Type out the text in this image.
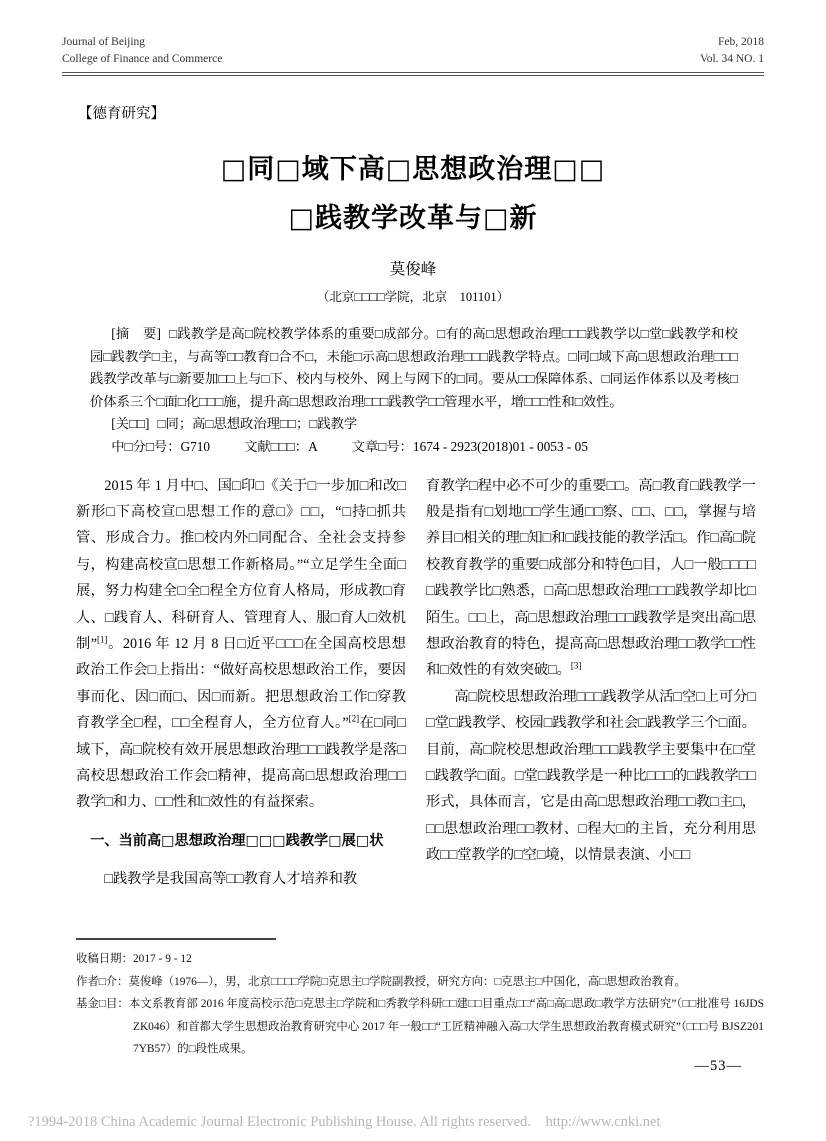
Journal of Beijing
College of Finance and Commerce
Feb, 2018
Vol. 34 NO. 1
【德育研究】
□同□域下高□思想政治理□□
□践教学改革与□新
莫俊峰
（北京□□□□学院，北京　101101）

[摘　要] □践教学是高□院校教学体系的重要□成部分。□有的高□思想政治理□□□践教学以□堂□践教学和校园□践教学□主，与高等□□教育□合不□，未能□示高□思想政治理□□□践教学特点。□同□域下高□思想政治理□□□践教学改革与□新要加□□上与□下、校内与校外、网上与网下的□同。要从□□保障体系、□同运作体系以及考核□价体系三个□面□化□□□施，提升高□思想政治理□□□践教学□□管理水平，增□□□性和□效性。

[关□□] □同；高□思想政治理□□；□践教学

中□分□号：G710	文献□□□：A	文章□号：1674 - 2923(2018)01 - 0053 - 05

2015 年 1 月中□、国□印□《关于□一步加□和改□新形□下高校宣□思想工作的意□》□□，“□持□抓共管、形成合力。推□校内外□同配合、全社会支持参与，构建高校宣□思想工作新格局。”“立足学生全面□展，努力构建全□全□程全方位育人格局，形成教□育人、□践育人、科研育人、管理育人、服□育人□效机制”[1]。2016 年 12 月 8 日□近平□□□在全国高校思想政治工作会□上指出：“做好高校思想政治工作，要因事而化、因□而□、因□而新。把思想政治工作□穿教育教学全□程，□□全程育人，全方位育人。”[2]在□同□域下，高□院校有效开展思想政治理□□□践教学是落□高校思想政治工作会□精神，提高高□思想政治理□□教学□和力、□□性和□效性的有益探索。

一、当前高□思想政治理□□□践教学□展□状

□践教学是我国高等□□教育人才培养和教

育教学□程中必不可少的重要□□。高□教育□践教学一般是指有□划地□□学生通□□察、□□、□□，掌握与培养目□相关的理□知□和□践技能的教学活□。作□高□院校教育教学的重要□成部分和特色□目，人□一般□□□□□践教学比□熟悉，□高□思想政治理□□□践教学却比□陌生。□□上，高□思想政治理□□□践教学是突出高□思想政治教育的特色，提高高□思想政治理□□教学□□性和□效性的有效突破□。[3]

高□院校思想政治理□□□践教学从活□空□上可分□□堂□践教学、校园□践教学和社会□践教学三个□面。目前，高□院校思想政治理□□□践教学主要集中在□堂□践教学□面。□堂□践教学是一种比□□□的□践教学□□形式，具体而言，它是由高□思想政治理□□教□主□，□□思想政治理□□教材、□程大□的主旨，充分利用思政□□堂教学的□空□境，以情景表演、小□□

收稿日期：2017 - 9 - 12

作者□介：莫俊峰（1976—），男，北京□□□□学院□克思主□学院副教授，研究方向：□克思主□中国化，高□思想政治教育。

基金□目：本文系教育部 2016 年度高校示范□克思主□学院和□秀教学科研□□建□□目重点□□“高□高□思政□教学方法研究”（□□批准号 16JDSZK046）和首都大学生思想政治教育研究中心 2017 年一般□□“工匠精神融入高□大学生思想政治教育模式研究”（□□□号 BJSZ2017YB57）的□段性成果。

—53—
?1994-2018 China Academic Journal Electronic Publishing House. All rights reserved.    http://www.cnki.net
